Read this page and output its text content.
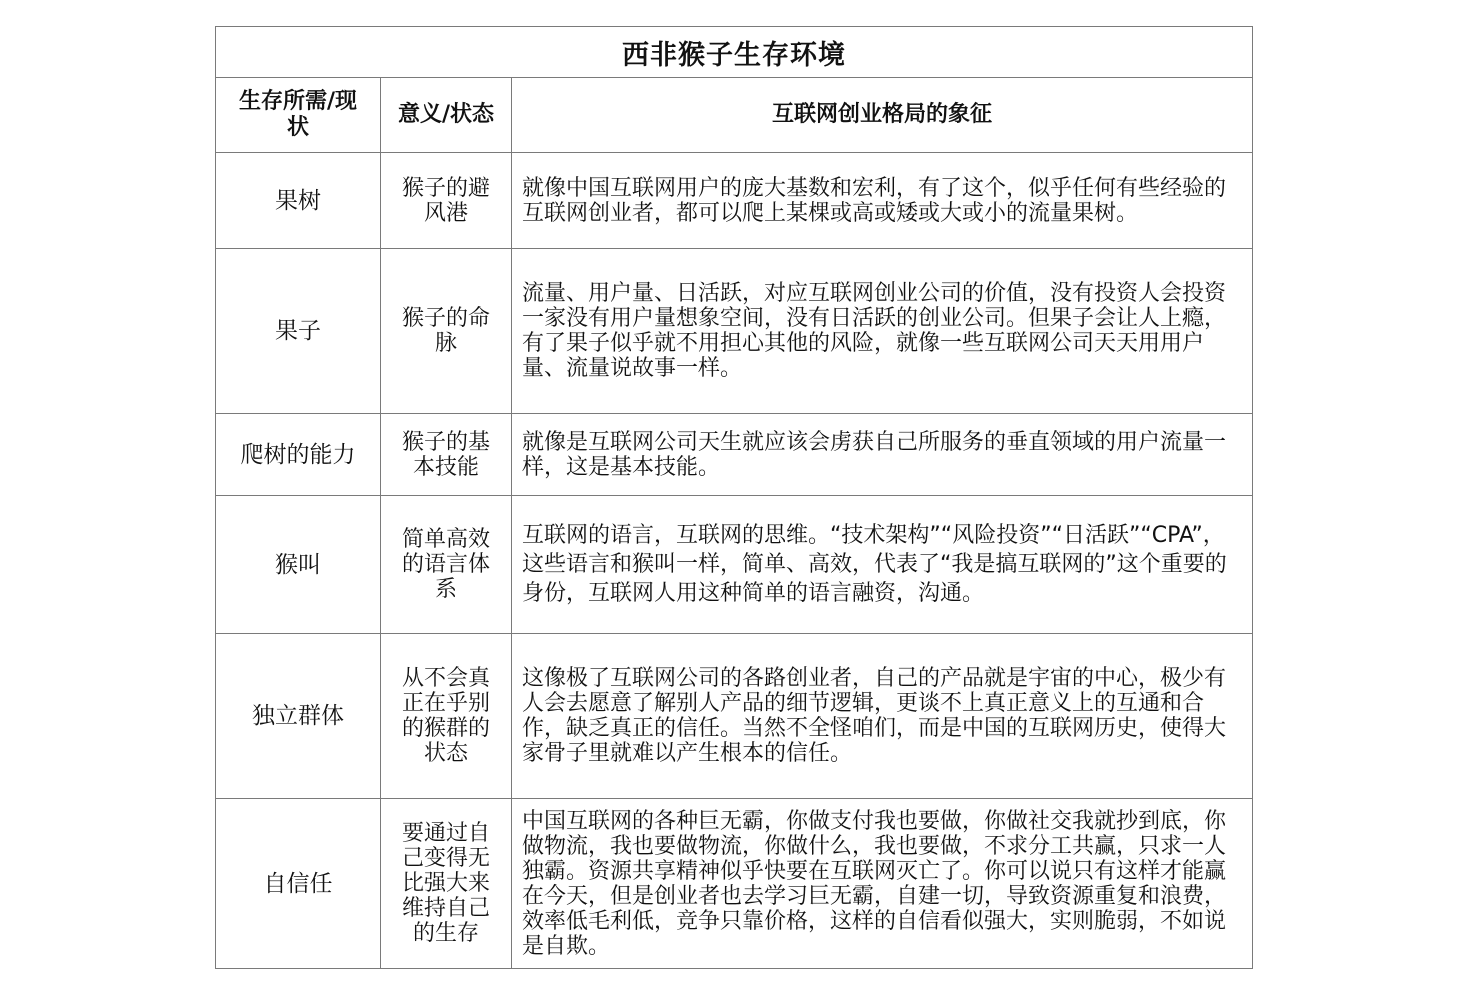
西非猴子生存环境		
生存所需/现状	意义/状态	互联网创业格局的象征
果树	猴子的避风港	就像中国互联网用户的庞大基数和宏利，有了这个，似乎任何有些经验的互联网创业者，都可以爬上某棵或高或矮或大或小的流量果树。
果子	猴子的命脉	流量、用户量、日活跃，对应互联网创业公司的价值，没有投资人会投资一家没有用户量想象空间，没有日活跃的创业公司。但果子会让人上瘾，有了果子似乎就不用担心其他的风险，就像一些互联网公司天天用用户量、流量说故事一样。
爬树的能力	猴子的基本技能	就像是互联网公司天生就应该会虏获自己所服务的垂直领域的用户流量一样，这是基本技能。
猴叫	简单高效的语言体系	互联网的语言，互联网的思维。“技术架构”“风险投资”“日活跃”“CPA”，这些语言和猴叫一样，简单、高效，代表了“我是搞互联网的”这个重要的身份，互联网人用这种简单的语言融资，沟通。
独立群体	从不会真正在乎别的猴群的状态	这像极了互联网公司的各路创业者，自己的产品就是宇宙的中心，极少有人会去愿意了解别人产品的细节逻辑，更谈不上真正意义上的互通和合作，缺乏真正的信任。当然不全怪咱们，而是中国的互联网历史，使得大家骨子里就难以产生根本的信任。
自信任	要通过自己变得无比强大来维持自己的生存	中国互联网的各种巨无霸，你做支付我也要做，你做社交我就抄到底，你做物流，我也要做物流，你做什么，我也要做，不求分工共赢，只求一人独霸。资源共享精神似乎快要在互联网灭亡了。你可以说只有这样才能赢在今天，但是创业者也去学习巨无霸，自建一切，导致资源重复和浪费，效率低毛利低，竞争只靠价格，这样的自信看似强大，实则脆弱，不如说是自欺。
